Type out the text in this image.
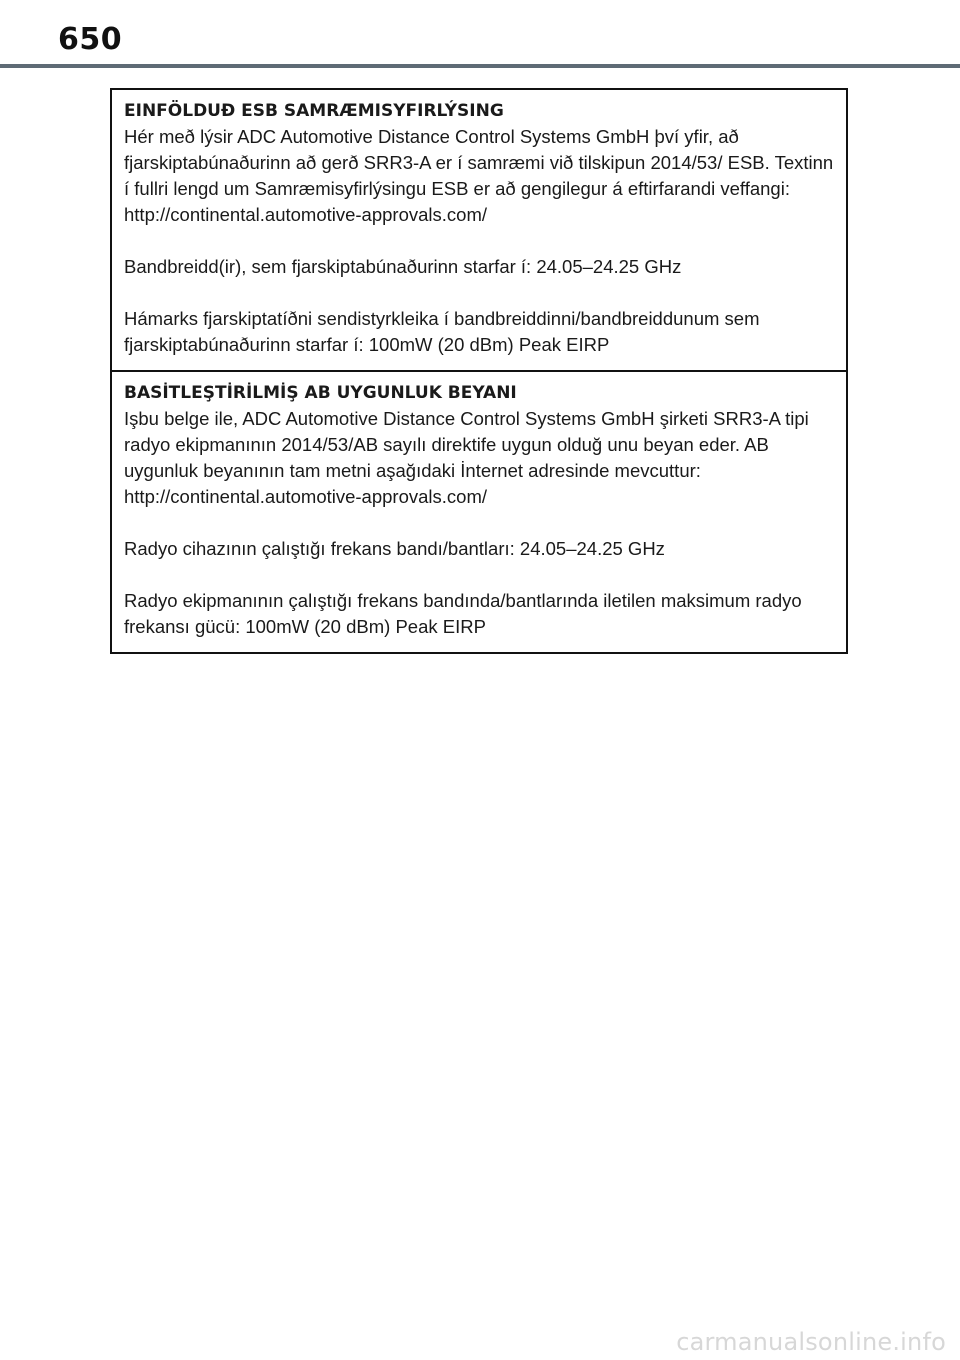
650

EINFÖLDUÐ ESB SAMRÆMISYFIRLÝSING

Hér með lýsir ADC Automotive Distance Control Systems GmbH því yfir, að fjarskiptabúnaðurinn að gerð SRR3-A er í samræmi við tilskipun 2014/53/ ESB. Textinn í fullri lengd um Samræmisyfirlýsingu ESB er að gengilegur á eftirfarandi veffangi:

http://continental.automotive-approvals.com/

Bandbreidd(ir), sem fjarskiptabúnaðurinn starfar í: 24.05–24.25 GHz

Hámarks fjarskiptatíðni sendistyrkleika í bandbreiddinni/bandbreiddunum sem fjarskiptabúnaðurinn starfar í: 100mW (20 dBm) Peak EIRP

BASİTLEŞTİRİLMİŞ AB UYGUNLUK BEYANI

Işbu belge ile, ADC Automotive Distance Control Systems GmbH şirketi SRR3-A tipi radyo ekipmanının 2014/53/AB sayılı direktife uygun olduğ unu beyan eder. AB uygunluk beyanının tam metni aşağıdaki İnternet adresinde mevcuttur:

http://continental.automotive-approvals.com/

Radyo cihazının çalıştığı frekans bandı/bantları: 24.05–24.25 GHz

Radyo ekipmanının çalıştığı frekans bandında/bantlarında iletilen maksimum radyo frekansı gücü: 100mW (20 dBm) Peak EIRP

carmanualsonline.info
